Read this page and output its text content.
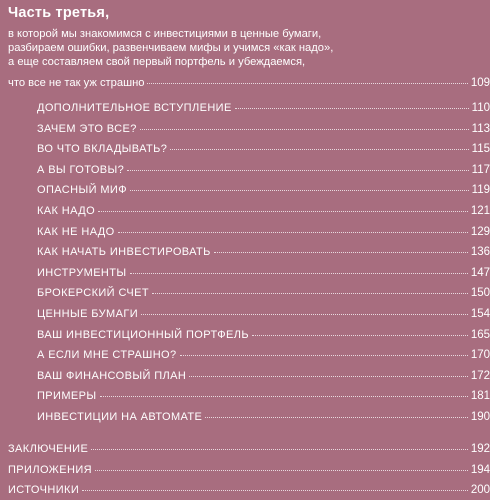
Часть третья,
в которой мы знакомимся с инвестициями в ценные бумаги,
разбираем ошибки, развенчиваем мифы и учимся «как надо»,
а еще составляем свой первый портфель и убеждаемся,
что все не так уж страшно	109
ДОПОЛНИТЕЛЬНОЕ ВСТУПЛЕНИЕ	110
ЗАЧЕМ ЭТО ВСЕ?	113
ВО ЧТО ВКЛАДЫВАТЬ?	115
А ВЫ ГОТОВЫ?	117
ОПАСНЫЙ МИФ	119
КАК НАДО	121
КАК НЕ НАДО	129
КАК НАЧАТЬ ИНВЕСТИРОВАТЬ	136
ИНСТРУМЕНТЫ	147
БРОКЕРСКИЙ СЧЕТ	150
ЦЕННЫЕ БУМАГИ	154
ВАШ ИНВЕСТИЦИОННЫЙ ПОРТФЕЛЬ	165
А ЕСЛИ МНЕ СТРАШНО?	170
ВАШ ФИНАНСОВЫЙ ПЛАН	172
ПРИМЕРЫ	181
ИНВЕСТИЦИИ НА АВТОМАТЕ	190
ЗАКЛЮЧЕНИЕ	192
ПРИЛОЖЕНИЯ	194
ИСТОЧНИКИ	200
